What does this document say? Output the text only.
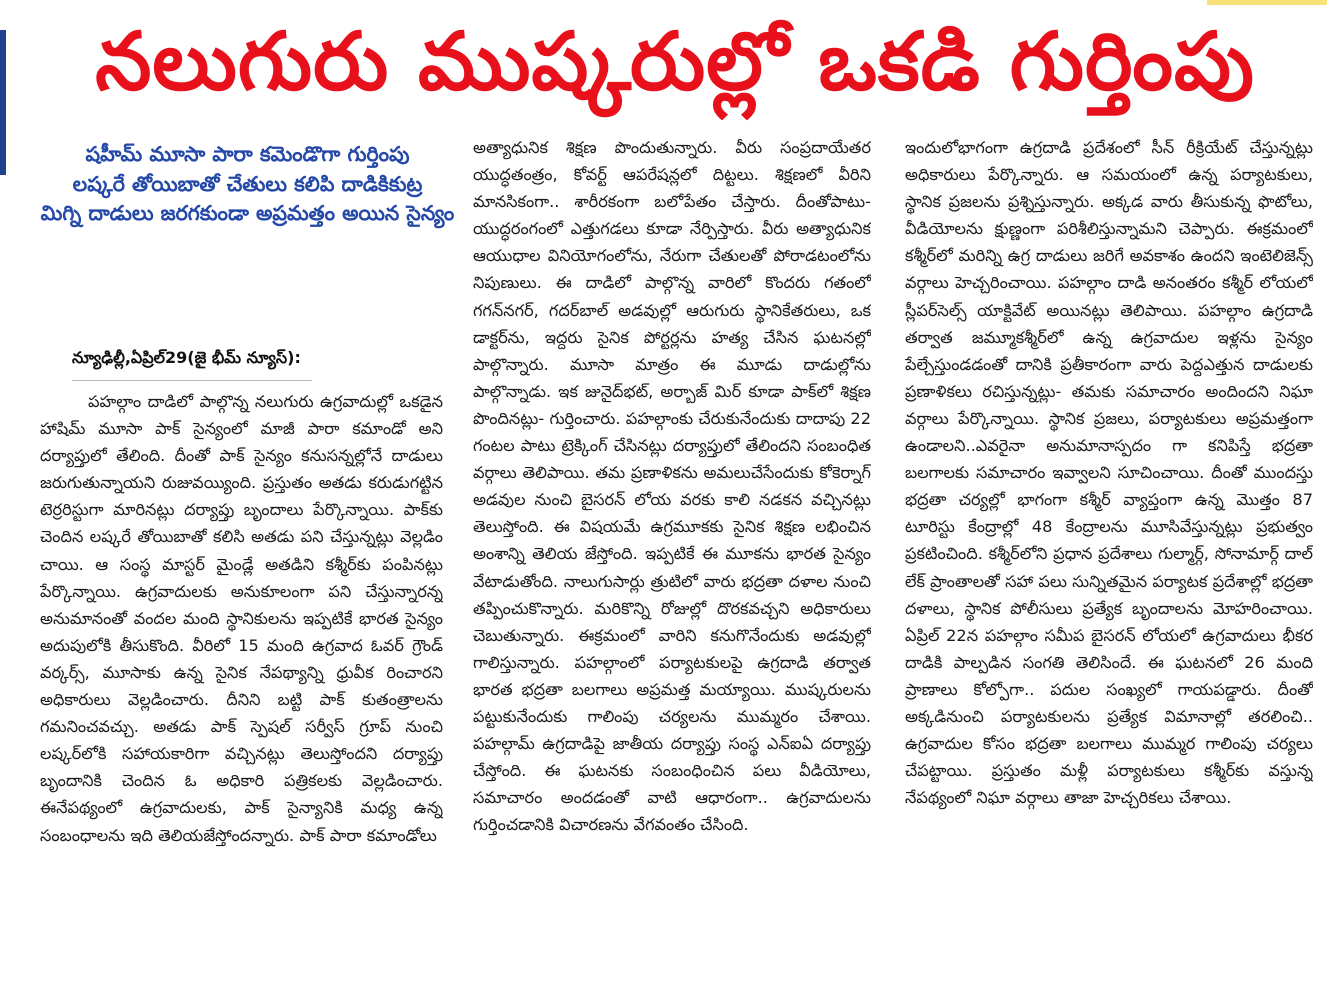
నలుగురు ముష్కరుల్లో ఒకడి గుర్తింపు
షహీమ్ మూసా పారా కమెండొగా గుర్తింపు
లష్కరే తోయిబాతో చేతులు కలిపి దాడికికుట్ర
మిగ్ని దాడులు జరగకుండా అప్రమత్తం అయిన సైన్యం
న్యూఢిల్లీ,ఏప్రిల్29(జై భీమ్ న్యూస్):
పహల్గాం దాడిలో పాల్గొన్న నలుగురు ఉగ్రవాదుల్లో ఒకడైన హాషిమ్ మూసా పాక్ సైన్యంలో మాజీ పారా కమాండో అని దర్యాప్తులో తేలింది. దీంతో పాక్ సైన్యం కనుసన్నల్లోనే దాడులు జరుగుతున్నాయని రుజువయ్యింది. ప్రస్తుతం అతడు కరుడుగట్టిన టెర్రరిస్టుగా మారినట్లు దర్యాప్తు బృందాలు పేర్కొన్నాయి. పాక్‌కు చెందిన లష్కరే తోయిబాతో కలిసి అతడు పని చేస్తున్నట్లు వెల్లడిం చాయి. ఆ సంస్థ మాస్టర్ మైండ్లే అతడిని కశ్మీర్‌కు పంపినట్లు పేర్కొన్నాయి. ఉగ్రవాదులకు అనుకూలంగా పని చేస్తున్నారన్న అనుమానంతో వందల మంది స్థానికులను ఇప్పటికే భారత సైన్యం అదుపులోకి తీసుకొంది. వీరిలో 15 మంది ఉగ్రవాద ఓవర్ గ్రౌండ్ వర్కర్స్, మూసాకు ఉన్న సైనిక నేపథ్యాన్ని ధ్రువీక రించారని అధికారులు వెల్లడించారు. దీనిని బట్టి పాక్ కుతంత్రాలను గమనించవచ్చు. అతడు పాక్ స్పెషల్ సర్వీస్ గ్రూప్ నుంచి లష్కర్‌లోకి సహాయకారిగా వచ్చినట్లు తెలుస్తోందని దర్యాప్తు బృందానికి చెందిన ఓ అధికారి పత్రికలకు వెల్లడించారు. ఈనేపథ్యంలో ఉగ్రవాదులకు, పాక్ సైన్యానికి మధ్య ఉన్న సంబంధాలను ఇది తెలియజేస్తోందన్నారు. పాక్ పారా కమాండోలు
అత్యాధునిక శిక్షణ పొందుతున్నారు. వీరు సంప్రదాయేతర యుద్ధతంత్రం, కోవర్ట్ ఆపరేషన్లలో దిట్టలు. శిక్షణలో వీరిని మానసికంగా.. శారీరకంగా బలోపేతం చేస్తారు. దీంతోపాటు- యుద్ధరంగంలో ఎత్తుగడలు కూడా నేర్పిస్తారు. వీరు అత్యాధునిక ఆయుధాల వినియోగంలోను, నేరుగా చేతులతో పోరాడటంలోను నిపుణులు. ఈ దాడిలో పాల్గొన్న వారిలో కొందరు గతంలో గగన్‌నగర్, గదర్‌బాల్ అడవుల్లో ఆరుగురు స్థానికేతరులు, ఒక డాక్టర్‌ను, ఇద్దరు సైనిక పోర్టర్లను హత్య చేసిన ఘటనల్లో పాల్గొన్నారు. మూసా మాత్రం ఈ మూడు దాడుల్లోను పాల్గొన్నాడు. ఇక జునైద్‌భట్, అర్బాజ్ మిర్ కూడా పాక్‌లో శిక్షణ పొందినట్లు- గుర్తించారు. పహల్గాంకు చేరుకునేందుకు దాదాపు 22 గంటల పాటు ట్రెక్కింగ్ చేసినట్లు దర్యాప్తులో తేలిందని సంబంధిత వర్గాలు తెలిపాయి. తమ ప్రణాళికను అమలుచేసేందుకు కోకెర్నాగ్ అడవుల నుంచి బైసరన్ లోయ వరకు కాలి నడకన వచ్చినట్లు తెలుస్తోంది. ఈ విషయమే ఉగ్రమూకకు సైనిక శిక్షణ లభించిన అంశాన్ని తెలియ జేస్తోంది. ఇప్పటికే ఈ మూకను భారత సైన్యం వేటాడుతోంది. నాలుగుసార్లు త్రుటిలో వారు భద్రతా దళాల నుంచి తప్పించుకొన్నారు. మరికొన్ని రోజుల్లో దొరకవచ్చని అధికారులు చెబుతున్నారు. ఈక్రమంలో వారిని కనుగొనేందుకు అడవుల్లో గాలిస్తున్నారు. పహల్గాంలో పర్యాటకులపై ఉగ్రదాడి తర్వాత భారత భద్రతా బలగాలు అప్రమత్త మయ్యాయి. ముష్కరులను పట్టుకునేందుకు గాలింపు చర్యలను ముమ్మరం చేశాయి. పహల్గామ్ ఉగ్రదాడిపై జాతీయ దర్యాప్తు సంస్థ ఎన్‌ఐఏ దర్యాప్తు చేస్తోంది. ఈ ఘటనకు సంబంధించిన పలు వీడియోలు, సమాచారం అందడంతో వాటి ఆధారంగా.. ఉగ్రవాదులను గుర్తించడానికి విచారణను వేగవంతం చేసింది.
ఇందులోభాగంగా ఉగ్రదాడి ప్రదేశంలో సీన్ రీక్రియేట్ చేస్తున్నట్లు అధికారులు పేర్కొన్నారు. ఆ సమయంలో ఉన్న పర్యాటకులు, స్థానిక ప్రజలను ప్రశ్నిస్తున్నారు. అక్కడ వారు తీసుకున్న ఫొటోలు, వీడియోలను క్షుణ్ణంగా పరిశీలిస్తున్నామని చెప్పారు. ఈక్రమంలో కశ్మీర్‌లో మరిన్ని ఉగ్ర దాడులు జరిగే అవకాశం ఉందని ఇంటెలిజెన్స్ వర్గాలు హెచ్చరించాయి. పహల్గాం దాడి అనంతరం కశ్మీర్ లోయలో స్లీపర్‌సెల్స్ యాక్టివేట్ అయినట్లు తెలిపాయి. పహల్గాం ఉగ్రదాడి తర్వాత జమ్మూకశ్మీర్‌లో ఉన్న ఉగ్రవాదుల ఇళ్లను సైన్యం పేల్చేస్తుండడంతో దానికి ప్రతీకారంగా వారు పెద్దఎత్తున దాడులకు ప్రణాళికలు రచిస్తున్నట్లు- తమకు సమాచారం అందిందని నిఘా వర్గాలు పేర్కొన్నాయి. స్థానిక ప్రజలు, పర్యాటకులు అప్రమత్తంగా ఉండాలని..ఎవరైనా అనుమానాస్పదం గా కనిపిస్తే భద్రతా బలగాలకు సమాచారం ఇవ్వాలని సూచించాయి. దీంతో ముందస్తు భద్రతా చర్యల్లో భాగంగా కశ్మీర్ వ్యాప్తంగా ఉన్న మొత్తం 87 టూరిస్టు కేంద్రాల్లో 48 కేంద్రాలను మూసివేస్తున్నట్లు ప్రభుత్వం ప్రకటించింది. కశ్మీర్‌లోని ప్రధాన ప్రదేశాలు గుల్మార్గ్, సోనామార్గ్ దాల్ లేక్ ప్రాంతాలతో సహా పలు సున్నితమైన పర్యాటక ప్రదేశాల్లో భద్రతా దళాలు, స్థానిక పోలీసులు ప్రత్యేక బృందాలను మోహరించాయి. ఏప్రిల్ 22న పహల్గాం సమీప బైసరన్ లోయలో ఉగ్రవాదులు భీకర దాడికి పాల్పడిన సంగతి తెలిసిందే. ఈ ఘటనలో 26 మంది ప్రాణాలు కోల్పోగా.. పదుల సంఖ్యలో గాయపడ్డారు. దీంతో అక్కడినుంచి పర్యాటకులను ప్రత్యేక విమానాల్లో తరలించి.. ఉగ్రవాదుల కోసం భద్రతా బలగాలు ముమ్మర గాలింపు చర్యలు చేపట్టాయి. ప్రస్తుతం మళ్లీ పర్యాటకులు కశ్మీర్‌కు వస్తున్న నేపథ్యంలో నిఘా వర్గాలు తాజా హెచ్చరికలు చేశాయి.
